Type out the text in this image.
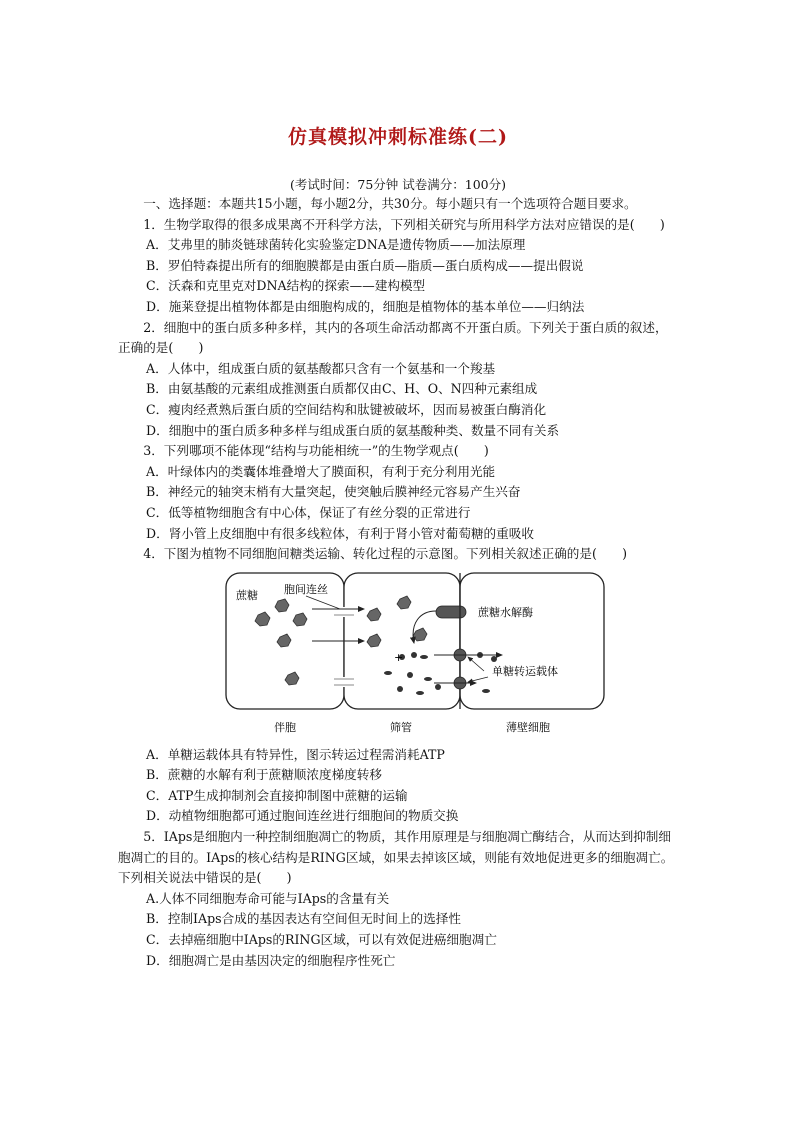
仿真模拟冲刺标准练(二)
(考试时间：75分钟 试卷满分：100分)

一、选择题：本题共15小题，每小题2分，共30分。每小题只有一个选项符合题目要求。

1．生物学取得的很多成果离不开科学方法，下列相关研究与所用科学方法对应错误的是(　　)

A．艾弗里的肺炎链球菌转化实验鉴定DNA是遗传物质——加法原理

B．罗伯特森提出所有的细胞膜都是由蛋白质—脂质—蛋白质构成——提出假说

C．沃森和克里克对DNA结构的探索——建构模型

D．施莱登提出植物体都是由细胞构成的，细胞是植物体的基本单位——归纳法

2．细胞中的蛋白质多种多样，其内的各项生命活动都离不开蛋白质。下列关于蛋白质的叙述，正确的是(　　)

A．人体中，组成蛋白质的氨基酸都只含有一个氨基和一个羧基

B．由氨基酸的元素组成推测蛋白质都仅由C、H、O、N四种元素组成

C．瘦肉经煮熟后蛋白质的空间结构和肽键被破坏，因而易被蛋白酶消化

D．细胞中的蛋白质多种多样与组成蛋白质的氨基酸种类、数量不同有关系

3．下列哪项不能体现“结构与功能相统一”的生物学观点(　　)

A．叶绿体内的类囊体堆叠增大了膜面积，有利于充分利用光能

B．神经元的轴突末梢有大量突起，使突触后膜神经元容易产生兴奋

C．低等植物细胞含有中心体，保证了有丝分裂的正常进行

D．肾小管上皮细胞中有很多线粒体，有利于肾小管对葡萄糖的重吸收

4．下图为植物不同细胞间糖类运输、转化过程的示意图。下列相关叙述正确的是(　　)

蔗糖 胞间连丝
蔗糖水解酶
单糖转运载体
+
伴胞	筛管	薄壁细胞

A．单糖运载体具有特异性，图示转运过程需消耗ATP

B．蔗糖的水解有利于蔗糖顺浓度梯度转移

C．ATP生成抑制剂会直接抑制图中蔗糖的运输

D．动植物细胞都可通过胞间连丝进行细胞间的物质交换

5．IAps是细胞内一种控制细胞凋亡的物质，其作用原理是与细胞凋亡酶结合，从而达到抑制细胞凋亡的目的。IAps的核心结构是RING区域，如果去掉该区域，则能有效地促进更多的细胞凋亡。下列相关说法中错误的是(　　)

A.人体不同细胞寿命可能与IAps的含量有关

B．控制IAps合成的基因表达有空间但无时间上的选择性

C．去掉癌细胞中IAps的RING区域，可以有效促进癌细胞凋亡

D．细胞凋亡是由基因决定的细胞程序性死亡
